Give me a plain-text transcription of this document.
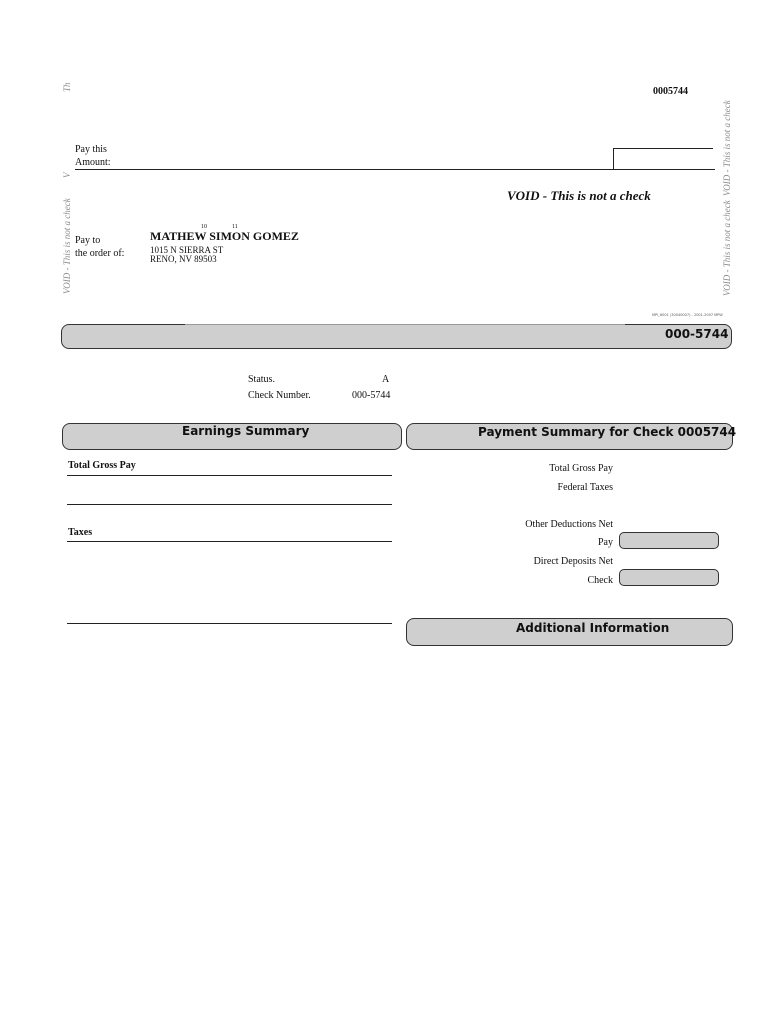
Th
V
VOID - This is not a check
VOID - This is not a check
VOID - This is not a check
0005744
Pay this
Amount:
VOID - This is not a check
Pay to
the order of:
10	11
MATHEW SIMON GOMEZ
1015 N SIERRA ST
RENO, NV 89503
MPI_6001 (30040007) - 2001-2007 MPW
000-5744
Status.	A
Check Number.	000-5744
Earnings Summary
Total Gross Pay
Taxes
Payment Summary for Check 0005744
Total Gross Pay
Federal Taxes
Other Deductions Net
Pay
Direct Deposits Net
Check
Additional Information
